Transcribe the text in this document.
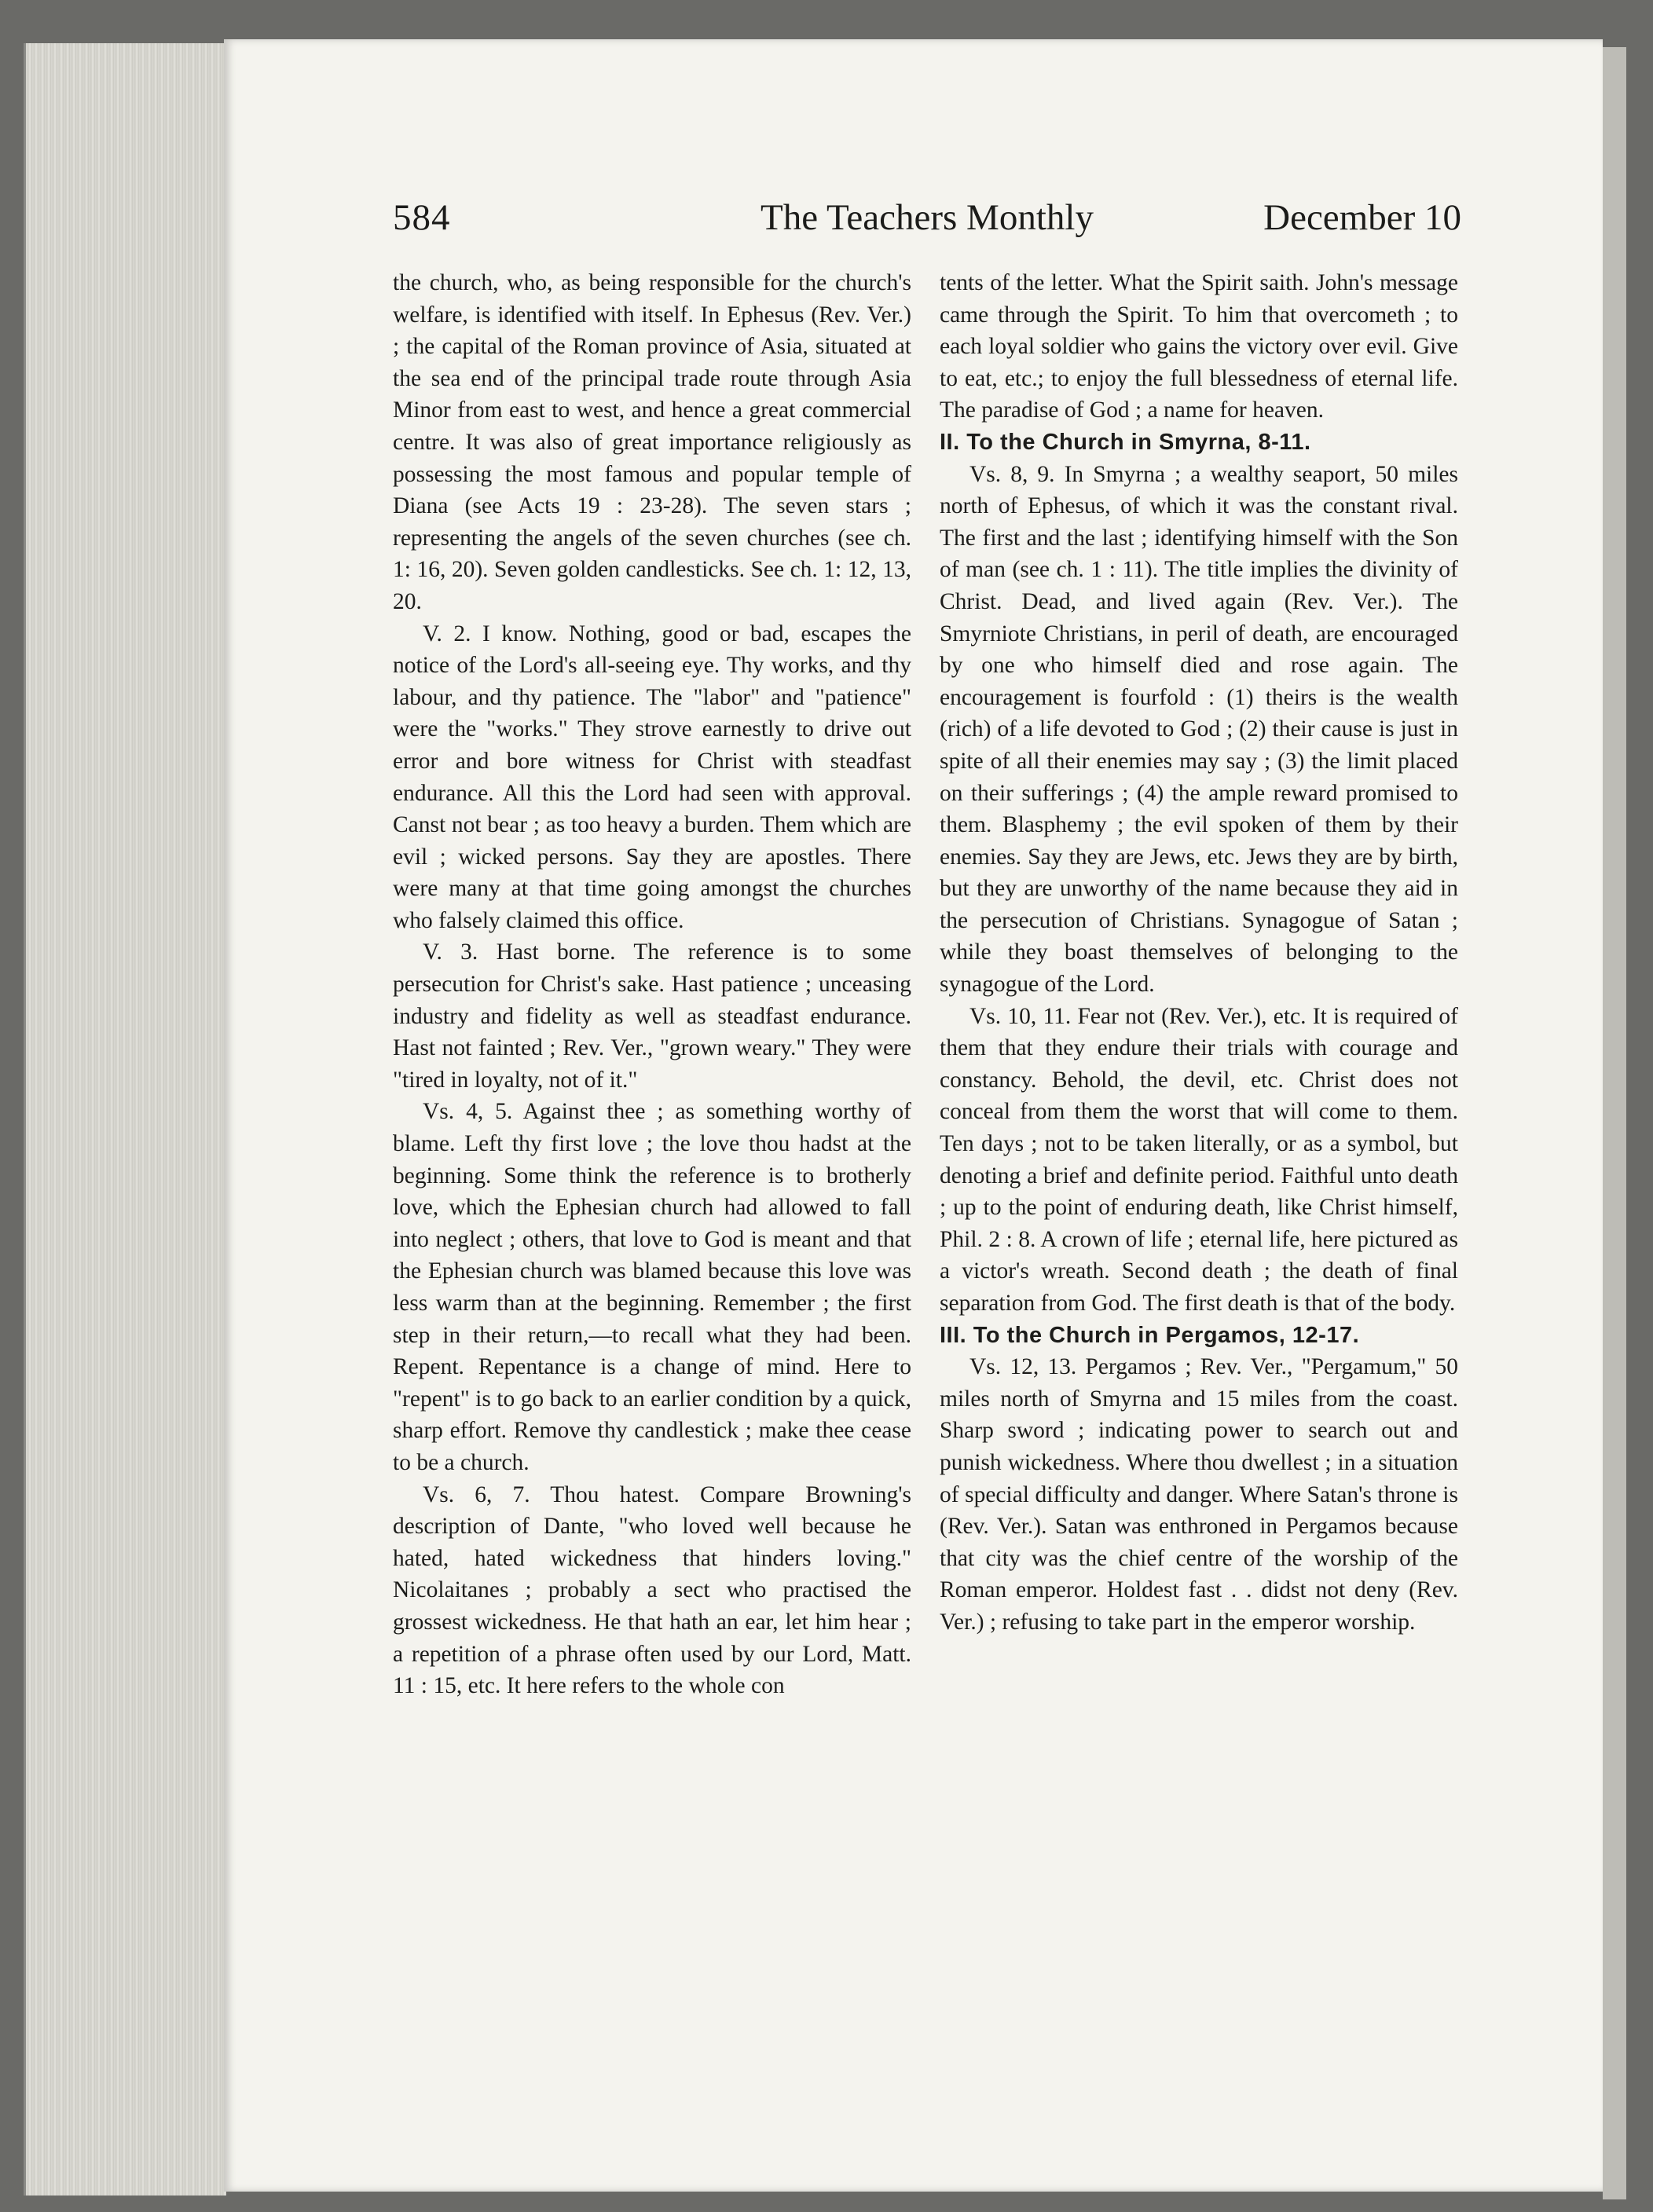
584	The Teachers Monthly	December 10

the church, who, as being responsible for the church's welfare, is identified with itself. In Ephesus (Rev. Ver.) ; the capital of the Roman province of Asia, situated at the sea end of the principal trade route through Asia Minor from east to west, and hence a great commercial centre. It was also of great importance religiously as possessing the most famous and popular temple of Diana (see Acts 19 : 23-28). The seven stars ; representing the angels of the seven churches (see ch. 1: 16, 20). Seven golden candlesticks. See ch. 1: 12, 13, 20.

V. 2. I know. Nothing, good or bad, escapes the notice of the Lord's all-seeing eye. Thy works, and thy labour, and thy patience. The "labor" and "patience" were the "works." They strove earnestly to drive out error and bore witness for Christ with steadfast endurance. All this the Lord had seen with approval. Canst not bear ; as too heavy a burden. Them which are evil ; wicked persons. Say they are apostles. There were many at that time going amongst the churches who falsely claimed this office.

V. 3. Hast borne. The reference is to some persecution for Christ's sake. Hast patience ; unceasing industry and fidelity as well as steadfast endurance. Hast not fainted ; Rev. Ver., "grown weary." They were "tired in loyalty, not of it."

Vs. 4, 5. Against thee ; as something worthy of blame. Left thy first love ; the love thou hadst at the beginning. Some think the reference is to brotherly love, which the Ephesian church had allowed to fall into neglect ; others, that love to God is meant and that the Ephesian church was blamed because this love was less warm than at the beginning. Remember ; the first step in their return,—to recall what they had been. Repent. Repentance is a change of mind. Here to "repent" is to go back to an earlier condition by a quick, sharp effort. Remove thy candlestick ; make thee cease to be a church.

Vs. 6, 7. Thou hatest. Compare Browning's description of Dante, "who loved well because he hated, hated wickedness that hinders loving." Nicolaitanes ; probably a sect who practised the grossest wickedness. He that hath an ear, let him hear ; a repetition of a phrase often used by our Lord, Matt. 11 : 15, etc. It here refers to the whole con

tents of the letter. What the Spirit saith. John's message came through the Spirit. To him that overcometh ; to each loyal soldier who gains the victory over evil. Give to eat, etc.; to enjoy the full blessedness of eternal life. The paradise of God ; a name for heaven.

II. To the Church in Smyrna, 8-11.

Vs. 8, 9. In Smyrna ; a wealthy seaport, 50 miles north of Ephesus, of which it was the constant rival. The first and the last ; identifying himself with the Son of man (see ch. 1 : 11). The title implies the divinity of Christ. Dead, and lived again (Rev. Ver.). The Smyrniote Christians, in peril of death, are encouraged by one who himself died and rose again. The encouragement is fourfold : (1) theirs is the wealth (rich) of a life devoted to God ; (2) their cause is just in spite of all their enemies may say ; (3) the limit placed on their sufferings ; (4) the ample reward promised to them. Blasphemy ; the evil spoken of them by their enemies. Say they are Jews, etc. Jews they are by birth, but they are unworthy of the name because they aid in the persecution of Christians. Synagogue of Satan ; while they boast themselves of belonging to the synagogue of the Lord.

Vs. 10, 11. Fear not (Rev. Ver.), etc. It is required of them that they endure their trials with courage and constancy. Behold, the devil, etc. Christ does not conceal from them the worst that will come to them. Ten days ; not to be taken literally, or as a symbol, but denoting a brief and definite period. Faithful unto death ; up to the point of enduring death, like Christ himself, Phil. 2 : 8. A crown of life ; eternal life, here pictured as a victor's wreath. Second death ; the death of final separation from God. The first death is that of the body.

III. To the Church in Pergamos, 12-17.

Vs. 12, 13. Pergamos ; Rev. Ver., "Pergamum," 50 miles north of Smyrna and 15 miles from the coast. Sharp sword ; indicating power to search out and punish wickedness. Where thou dwellest ; in a situation of special difficulty and danger. Where Satan's throne is (Rev. Ver.). Satan was enthroned in Pergamos because that city was the chief centre of the worship of the Roman emperor. Holdest fast . . didst not deny (Rev. Ver.) ; refusing to take part in the emperor worship.
